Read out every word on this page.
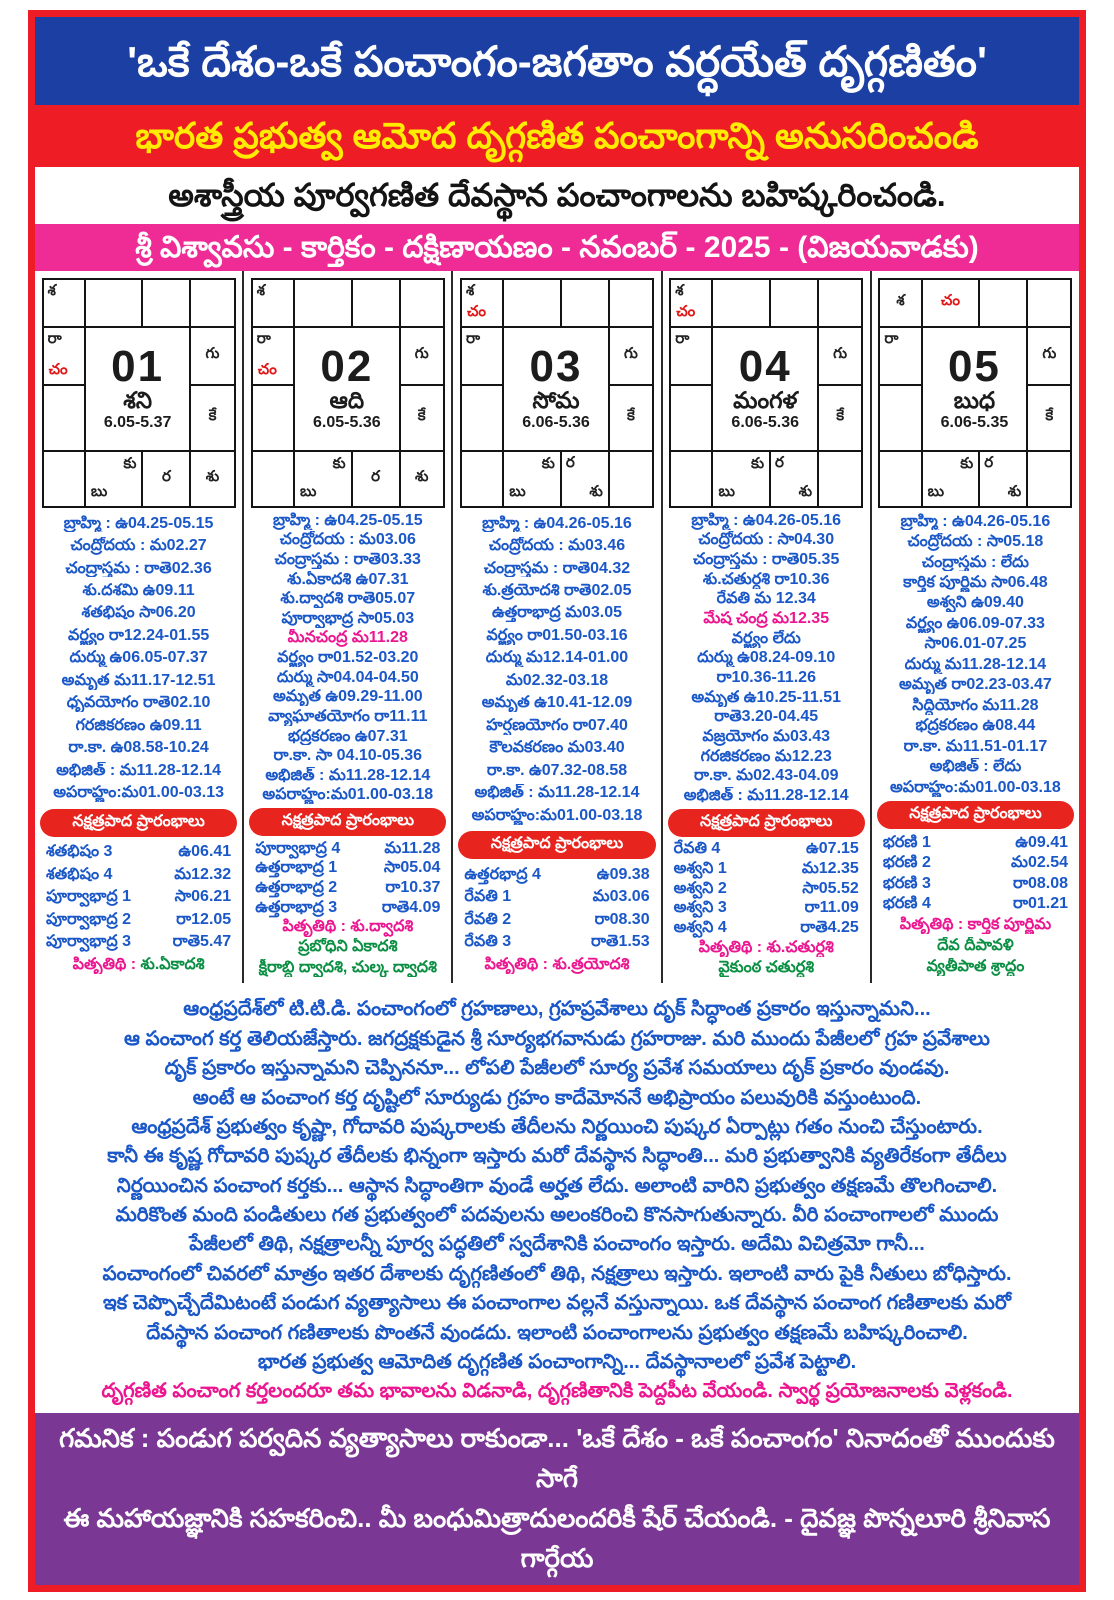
'ఒకే దేశం-ఒకే పంచాంగం-జగతాం వర్ధయేత్ దృగ్గణితం'
భారత ప్రభుత్వ ఆమోద దృగ్గణిత పంచాంగాన్ని అనుసరించండి
అశాస్త్రీయ పూర్వగణిత దేవస్థాన పంచాంగాలను బహిష్కరించండి.
శ్రీ విశ్వావసు - కార్తికం - దక్షిణాయణం - నవంబర్ - 2025 - (విజయవాడకు)
శ			

రా
చం	01
శని
6.05-5.37
	గు
			కే

	కు
బు	ర	శు
బ్రాహ్మి : ఉ04.25-05.15
చంద్రోదయ : మ02.27
చంద్రాస్తమ : రాతె02.36
శు.దశమి ఉ09.11
శతభిషం సా06.20
వర్జ్యం రా12.24-01.55
దుర్ము ఉ06.05-07.37
అమృత మ11.17-12.51
ధృవయోగం రాతె02.10
గరజికరణం ఉ09.11
రా.కా. ఉ08.58-10.24
అభిజిత్ : మ11.28-12.14
అపరాహ్ణం:మ01.00-03.13
నక్షత్రపాద ప్రారంభాలు
శతభిషం 3	ఉ06.41
శతభిషం 4	మ12.32
పూర్వాభాద్ర 1	సా06.21
పూర్వాభాద్ర 2	రా12.05
పూర్వాభాద్ర 3	రాతె5.47
పితృతిథి : శు.ఏకాదశి
శ			

రా
చం	02
ఆది
6.05-5.36
	గు
			కే

	కు
బు	ర	శు
బ్రాహ్మి : ఉ04.25-05.15
చంద్రోదయ : మ03.06
చంద్రాస్తమ : రాతె03.33
శు.ఏకాదశి ఉ07.31
శు.ద్వాదశి రాతె05.07
పూర్వాభాద్ర సా05.03
మీనచంద్ర మ11.28
వర్జ్యం రా01.52-03.20
దుర్ము సా04.04-04.50
అమృత ఉ09.29-11.00
వ్యాఘాతయోగం రా11.11
భద్రకరణం ఉ07.31
రా.కా. సా 04.10-05.36
అభిజిత్ : మ11.28-12.14
అపరాహ్ణం:మ01.00-03.18
నక్షత్రపాద ప్రారంభాలు
పూర్వాభాద్ర 4	మ11.28
ఉత్తరాభాద్ర 1	సా05.04
ఉత్తరాభాద్ర 2	రా10.37
ఉత్తరాభాద్ర 3	రాతె4.09
పితృతిథి : శు.ద్వాదశి
ప్రబోధిని ఏకాదశి
క్షీరాబ్ధి ద్వాదశి, చుల్క ద్వాదశి
శ
చం			

రా	03
సోమ
6.06-5.36		గు
			కే

	కు
బు	ర
శు	

బ్రాహ్మి : ఉ04.26-05.16
చంద్రోదయ : మ03.46
చంద్రాస్తమ : రాతె04.32
శు.త్రయోదశి రాతె02.05
ఉత్తరాభాద్ర మ03.05
వర్జ్యం రా01.50-03.16
దుర్ము మ12.14-01.00
మ02.32-03.18
అమృత ఉ10.41-12.09
హర్షణయోగం రా07.40
కౌలవకరణం మ03.40
రా.కా. ఉ07.32-08.58
అభిజిత్ : మ11.28-12.14
అపరాహ్ణం:మ01.00-03.18
నక్షత్రపాద ప్రారంభాలు
ఉత్తరభాద్ర 4	ఉ09.38
రేవతి 1	మ03.06
రేవతి 2	రా08.30
రేవతి 3	రాతె1.53
పితృతిథి : శు.త్రయోదశి
శ
చం			

రా	04
మంగళ
6.06-5.36		గు
			కే

	కు
బు	ర
శు	

బ్రాహ్మి : ఉ04.26-05.16
చంద్రోదయ : సా04.30
చంద్రాస్తమ : రాతె05.35
శు.చతుర్దశి రా10.36
రేవతి మ 12.34
మేష చంద్ర మ12.35
వర్జ్యం లేదు
దుర్ము ఉ08.24-09.10
రా10.36-11.26
అమృత ఉ10.25-11.51
రాతె3.20-04.45
వజ్రయోగం మ03.43
గరజికరణం మ12.23
రా.కా. మ02.43-04.09
అభిజిత్ : మ11.28-12.14
నక్షత్రపాద ప్రారంభాలు
రేవతి 4	ఉ07.15
అశ్వని 1	మ12.35
అశ్వని 2	సా05.52
అశ్వని 3	రా11.09
అశ్వని 4	రాతె4.25
పితృతిథి : శు.చతుర్దశి
వైకుంఠ చతుర్దశి
శ	చం		

రా	05
బుధ
6.06-5.35		గు
			కే

	కు
బు	ర
శు	

బ్రాహ్మి : ఉ04.26-05.16
చంద్రోదయ : సా05.18
చంద్రాస్తమ : లేదు
కార్తిక పూర్ణిమ సా06.48
అశ్వని ఉ09.40
వర్జ్యం ఉ06.09-07.33
సా06.01-07.25
దుర్ము మ11.28-12.14
అమృత రా02.23-03.47
సిద్ధియోగం మ11.28
భద్రకరణం ఉ08.44
రా.కా. మ11.51-01.17
అభిజిత్ : లేదు
అపరాహ్ణం:మ01.00-03.18
నక్షత్రపాద ప్రారంభాలు
భరణి 1	ఉ09.41
భరణి 2	మ02.54
భరణి 3	రా08.08
భరణి 4	రా01.21
పితృతిథి : కార్తిక పూర్ణిమ
దేవ దీపావళి
వ్యతీపాత శ్రాద్ధం
ఆంధ్రప్రదేశ్‌లో టి.టి.డి. పంచాంగంలో గ్రహణాలు, గ్రహప్రవేశాలు దృక్ సిద్ధాంత ప్రకారం ఇస్తున్నామని...
ఆ పంచాంగ కర్త తెలియజేస్తారు. జగద్రక్షకుడైన శ్రీ సూర్యభగవానుడు గ్రహరాజు. మరి ముందు పేజీలలో గ్రహ ప్రవేశాలు
దృక్ ప్రకారం ఇస్తున్నామని చెప్పిననూ... లోపలి పేజీలలో సూర్య ప్రవేశ సమయాలు దృక్ ప్రకారం వుండవు.
అంటే ఆ పంచాంగ కర్త దృష్టిలో సూర్యుడు గ్రహం కాదేమోననే అభిప్రాయం పలువురికి వస్తుంటుంది.
ఆంధ్రప్రదేశ్ ప్రభుత్వం కృష్ణా, గోదావరి పుష్కరాలకు తేదీలను నిర్ణయించి పుష్కర ఏర్పాట్లు గతం నుంచి చేస్తుంటారు.
కానీ ఈ కృష్ణ గోదావరి పుష్కర తేదీలకు భిన్నంగా ఇస్తారు మరో దేవస్థాన సిద్ధాంతి... మరి ప్రభుత్వానికి వ్యతిరేకంగా తేదీలు
నిర్ణయించిన పంచాంగ కర్తకు... ఆస్థాన సిద్ధాంతిగా వుండే అర్హత లేదు. అలాంటి వారిని ప్రభుత్వం తక్షణమే తొలగించాలి.
మరికొంత మంది పండితులు గత ప్రభుత్వంలో పదవులను అలంకరించి కొనసాగుతున్నారు. వీరి పంచాంగాలలో ముందు
పేజీలలో తిథి, నక్షత్రాలన్నీ పూర్వ పద్ధతిలో స్వదేశానికి పంచాంగం ఇస్తారు. అదేమి విచిత్రమో గానీ...
పంచాంగంలో చివరలో మాత్రం ఇతర దేశాలకు దృగ్గణితంలో తిథి, నక్షత్రాలు ఇస్తారు. ఇలాంటి వారు పైకి నీతులు బోధిస్తారు.
ఇక చెప్పొచ్చేదేమిటంటే పండుగ వ్యత్యాసాలు ఈ పంచాంగాల వల్లనే వస్తున్నాయి. ఒక దేవస్థాన పంచాంగ గణితాలకు మరో
దేవస్థాన పంచాంగ గణితాలకు పొంతనే వుండదు. ఇలాంటి పంచాంగాలను ప్రభుత్వం తక్షణమే బహిష్కరించాలి.
భారత ప్రభుత్వ ఆమోదిత దృగ్గణిత పంచాంగాన్ని... దేవస్థానాలలో ప్రవేశ పెట్టాలి.
దృగ్గణిత పంచాంగ కర్తలందరూ తమ భావాలను విడనాడి, దృగ్గణితానికి పెద్దపీట వేయండి. స్వార్థ ప్రయోజనాలకు వెళ్లకండి.
గమనిక : పండుగ పర్వదిన వ్యత్యాసాలు రాకుండా... 'ఒకే దేశం - ఒకే పంచాంగం' నినాదంతో ముందుకు సాగే
ఈ మహాయజ్ఞానికి సహకరించి.. మీ బంధుమిత్రాదులందరికీ షేర్ చేయండి. - దైవజ్ఞ పొన్నలూరి శ్రీనివాస గార్గేయ
